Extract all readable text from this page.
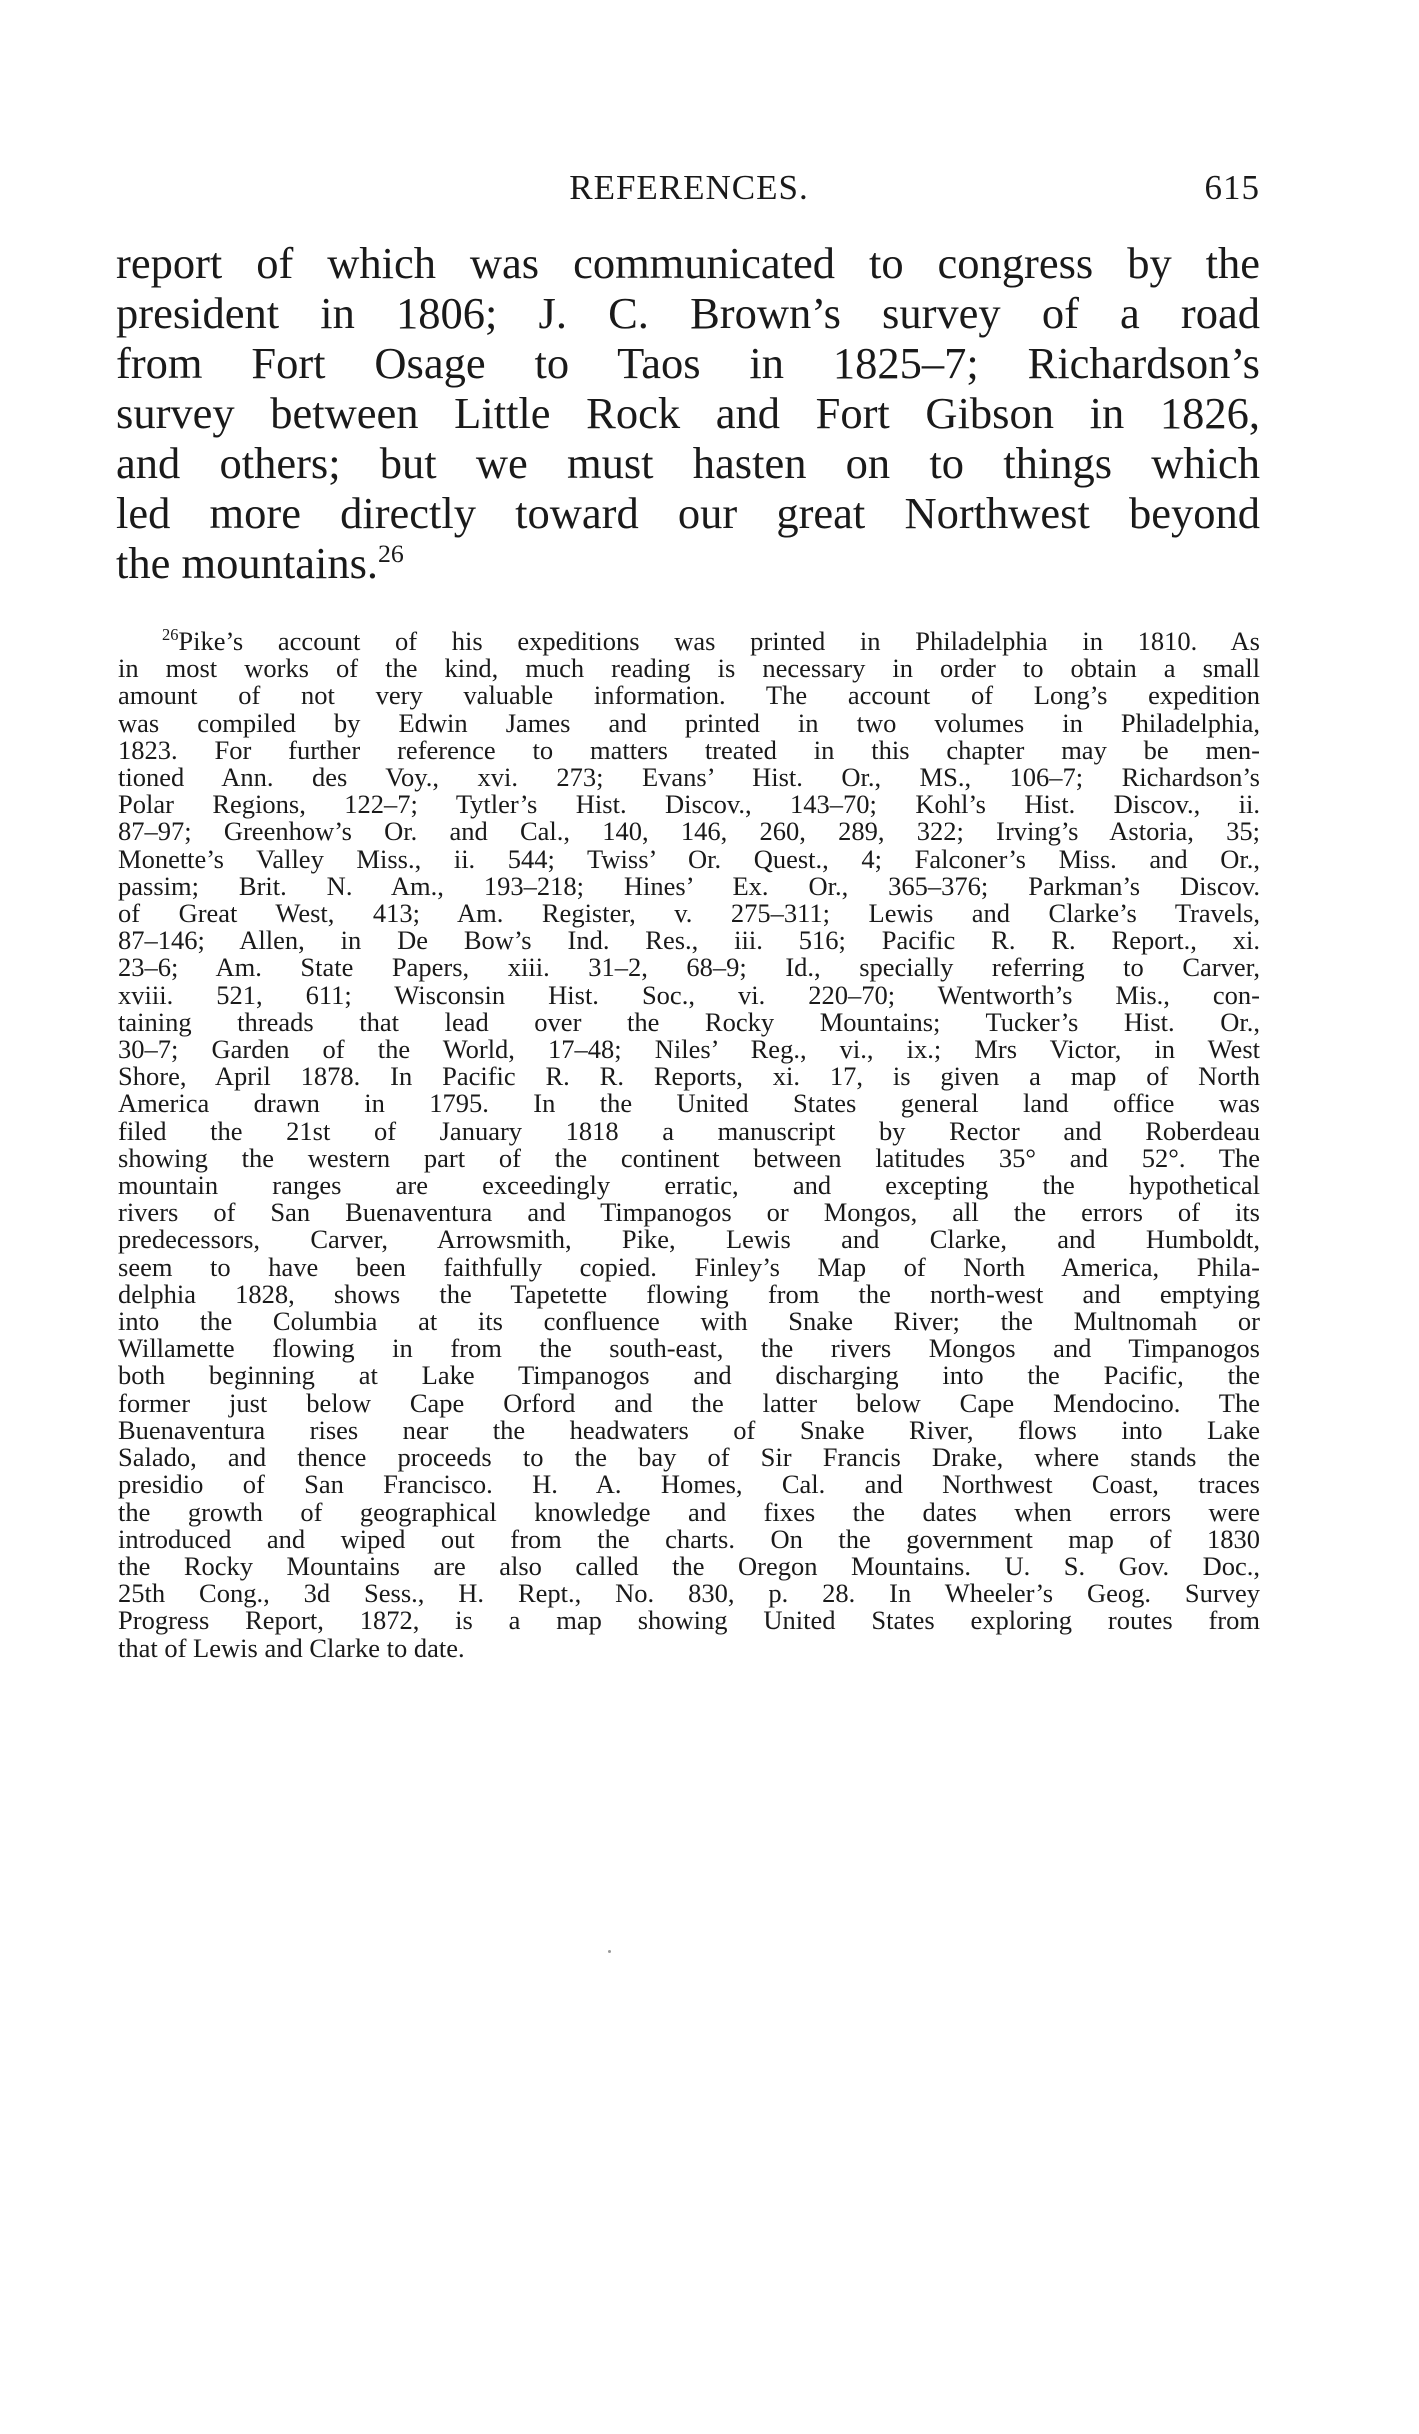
REFERENCES.	615
report of which was communicated to congress by the
president in 1806; J. C. Brown’s survey of a road
from Fort Osage to Taos in 1825–7; Richardson’s
survey between Little Rock and Fort Gibson in 1826,
and others; but we must hasten on to things which
led more directly toward our great Northwest beyond
the mountains.$^{26}$
$^{26}$Pike’s account of his expeditions was printed in Philadelphia in 1810. As
in most works of the kind, much reading is necessary in order to obtain a small
amount of not very valuable information. The account of Long’s expedition
was compiled by Edwin James and printed in two volumes in Philadelphia,
1823. For further reference to matters treated in this chapter may be men-
tioned Ann. des Voy., xvi. 273; Evans’ Hist. Or., MS., 106–7; Richardson’s
Polar Regions, 122–7; Tytler’s Hist. Discov., 143–70; Kohl’s Hist. Discov., ii.
87–97; Greenhow’s Or. and Cal., 140, 146, 260, 289, 322; Irving’s Astoria, 35;
Monette’s Valley Miss., ii. 544; Twiss’ Or. Quest., 4; Falconer’s Miss. and Or.,
passim; Brit. N. Am., 193–218; Hines’ Ex. Or., 365–376; Parkman’s Discov.
of Great West, 413; Am. Register, v. 275–311; Lewis and Clarke’s Travels,
87–146; Allen, in De Bow’s Ind. Res., iii. 516; Pacific R. R. Report., xi.
23–6; Am. State Papers, xiii. 31–2, 68–9; Id., specially referring to Carver,
xviii. 521, 611; Wisconsin Hist. Soc., vi. 220–70; Wentworth’s Mis., con-
taining threads that lead over the Rocky Mountains; Tucker’s Hist. Or.,
30–7; Garden of the World, 17–48; Niles’ Reg., vi., ix.; Mrs Victor, in West
Shore, April 1878. In Pacific R. R. Reports, xi. 17, is given a map of North
America drawn in 1795. In the United States general land office was
filed the 21st of January 1818 a manuscript by Rector and Roberdeau
showing the western part of the continent between latitudes 35° and 52°. The
mountain ranges are exceedingly erratic, and excepting the hypothetical
rivers of San Buenaventura and Timpanogos or Mongos, all the errors of its
predecessors, Carver, Arrowsmith, Pike, Lewis and Clarke, and Humboldt,
seem to have been faithfully copied. Finley’s Map of North America, Phila-
delphia 1828, shows the Tapetette flowing from the north-west and emptying
into the Columbia at its confluence with Snake River; the Multnomah or
Willamette flowing in from the south-east, the rivers Mongos and Timpanogos
both beginning at Lake Timpanogos and discharging into the Pacific, the
former just below Cape Orford and the latter below Cape Mendocino. The
Buenaventura rises near the headwaters of Snake River, flows into Lake
Salado, and thence proceeds to the bay of Sir Francis Drake, where stands the
presidio of San Francisco. H. A. Homes, Cal. and Northwest Coast, traces
the growth of geographical knowledge and fixes the dates when errors were
introduced and wiped out from the charts. On the government map of 1830
the Rocky Mountains are also called the Oregon Mountains. U. S. Gov. Doc.,
25th Cong., 3d Sess., H. Rept., No. 830, p. 28. In Wheeler’s Geog. Survey
Progress Report, 1872, is a map showing United States exploring routes from
that of Lewis and Clarke to date.
